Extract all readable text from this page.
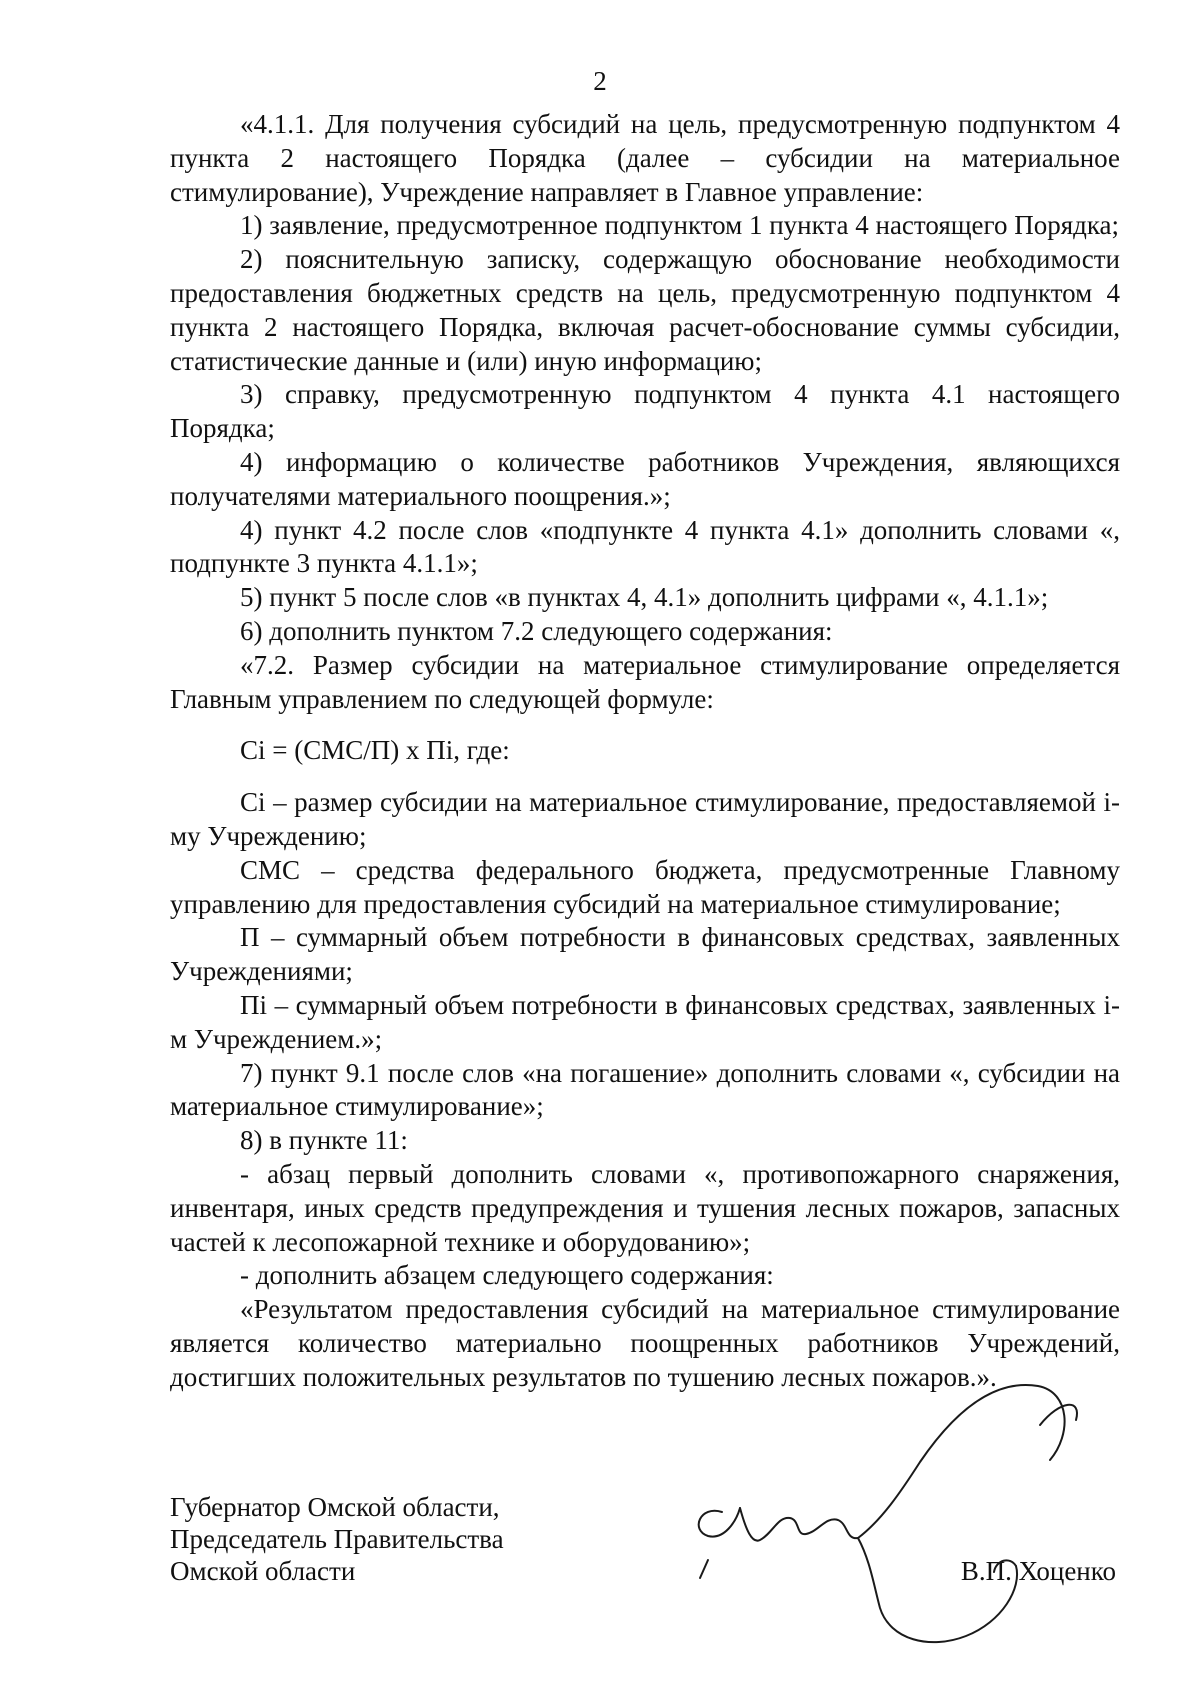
2

«4.1.1. Для получения субсидий на цель, предусмотренную подпунктом 4 пункта 2 настоящего Порядка (далее – субсидии на материальное стимулирование), Учреждение направляет в Главное управление:

1) заявление, предусмотренное подпунктом 1 пункта 4 настоящего Порядка;

2) пояснительную записку, содержащую обоснование необходимости предоставления бюджетных средств на цель, предусмотренную подпунктом 4 пункта 2 настоящего Порядка, включая расчет-обоснование суммы субсидии, статистические данные и (или) иную информацию;

3) справку, предусмотренную подпунктом 4 пункта 4.1 настоящего Порядка;

4) информацию о количестве работников Учреждения, являющихся получателями материального поощрения.»;

4) пункт 4.2 после слов «подпункте 4 пункта 4.1» дополнить словами «, подпункте 3 пункта 4.1.1»;

5) пункт 5 после слов «в пунктах 4, 4.1» дополнить цифрами «, 4.1.1»;

6) дополнить пунктом 7.2 следующего содержания:

«7.2. Размер субсидии на материальное стимулирование определяется Главным управлением по следующей формуле:

Ci = (СМС/П) х Пi, где:

Ci – размер субсидии на материальное стимулирование, предоставляемой i-му Учреждению;

СМС – средства федерального бюджета, предусмотренные Главному управлению для предоставления субсидий на материальное стимулирование;

П – суммарный объем потребности в финансовых средствах, заявленных Учреждениями;

Пi – суммарный объем потребности в финансовых средствах, заявленных i-м Учреждением.»;

7) пункт 9.1 после слов «на погашение» дополнить словами «, субсидии на материальное стимулирование»;

8) в пункте 11:

- абзац первый дополнить словами «, противопожарного снаряжения, инвентаря, иных средств предупреждения и тушения лесных пожаров, запасных частей к лесопожарной технике и оборудованию»;

- дополнить абзацем следующего содержания:

«Результатом предоставления субсидий на материальное стимулирование является количество материально поощренных работников Учреждений, достигших положительных результатов по тушению лесных пожаров.».

Губернатор Омской области,

Председатель Правительства

Омской области	В.П. Хоценко
